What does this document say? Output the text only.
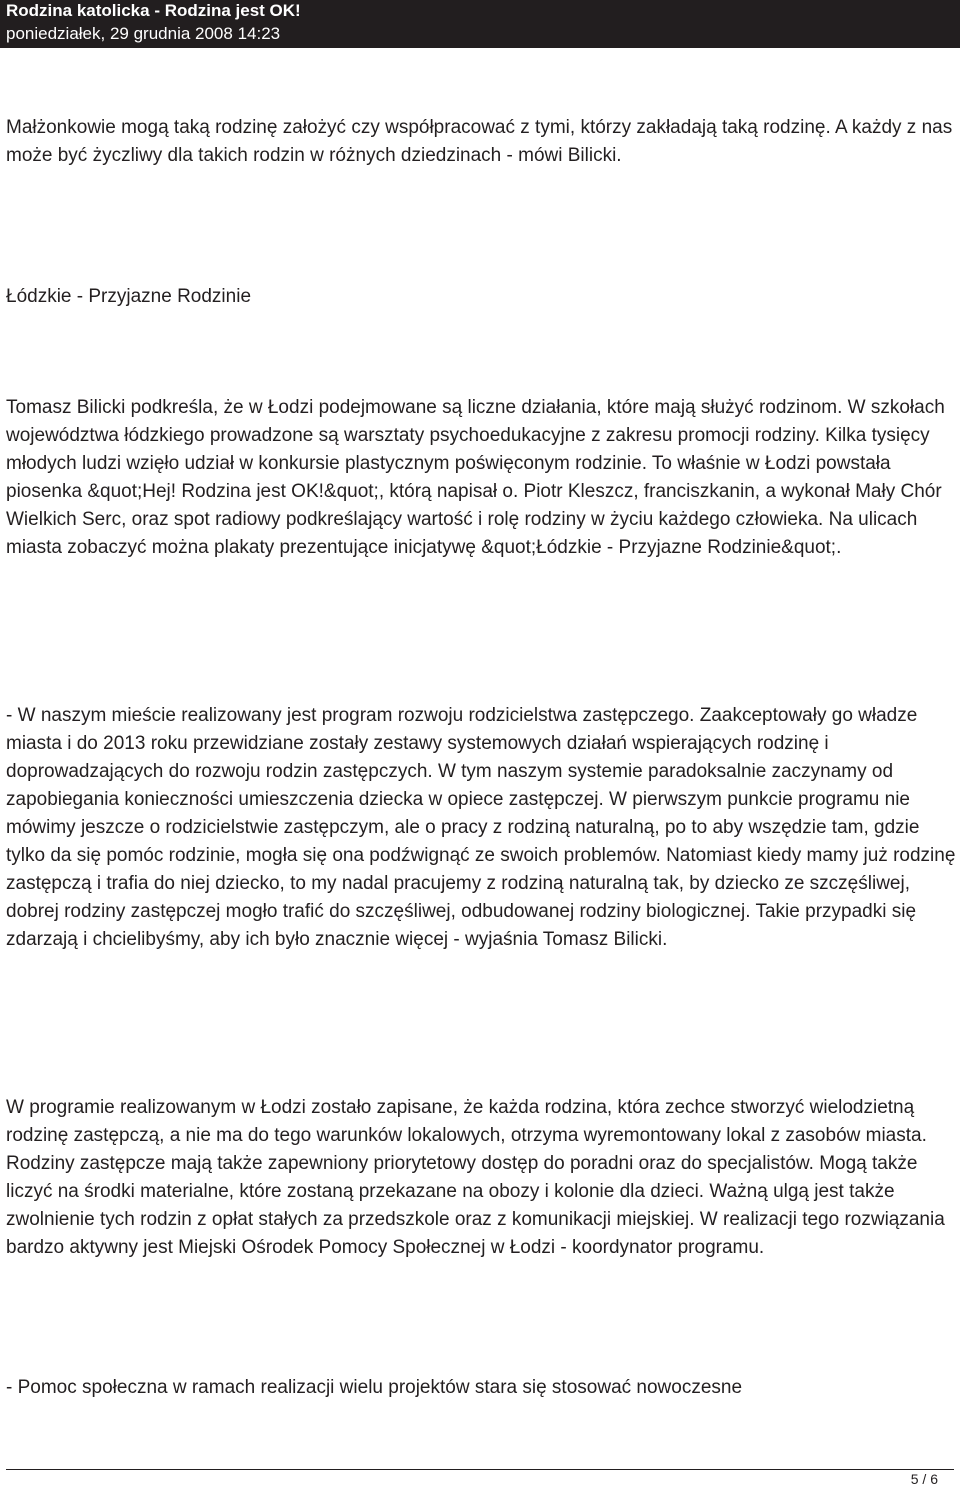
Rodzina katolicka - Rodzina jest OK!
poniedziałek, 29 grudnia 2008 14:23

Małżonkowie mogą taką rodzinę założyć czy współpracować z tymi, którzy zakładają taką rodzinę. A każdy z nas może być życzliwy dla takich rodzin w różnych dziedzinach - mówi Bilicki.

Łódzkie - Przyjazne Rodzinie

Tomasz Bilicki podkreśla, że w Łodzi podejmowane są liczne działania, które mają służyć rodzinom. W szkołach województwa łódzkiego prowadzone są warsztaty psychoedukacyjne z zakresu promocji rodziny. Kilka tysięcy młodych ludzi wzięło udział w konkursie plastycznym poświęconym rodzinie. To właśnie w Łodzi powstała piosenka &quot;Hej! Rodzina jest OK!&quot;, którą napisał o. Piotr Kleszcz, franciszkanin, a wykonał Mały Chór Wielkich Serc, oraz spot radiowy podkreślający wartość i rolę rodziny w życiu każdego człowieka. Na ulicach miasta zobaczyć można plakaty prezentujące inicjatywę &quot;Łódzkie - Przyjazne Rodzinie&quot;.

- W naszym mieście realizowany jest program rozwoju rodzicielstwa zastępczego. Zaakceptowały go władze miasta i do 2013 roku przewidziane zostały zestawy systemowych działań wspierających rodzinę i doprowadzających do rozwoju rodzin zastępczych. W tym naszym systemie paradoksalnie zaczynamy od zapobiegania konieczności umieszczenia dziecka w opiece zastępczej. W pierwszym punkcie programu nie mówimy jeszcze o rodzicielstwie zastępczym, ale o pracy z rodziną naturalną, po to aby wszędzie tam, gdzie tylko da się pomóc rodzinie, mogła się ona podźwignąć ze swoich problemów. Natomiast kiedy mamy już rodzinę zastępczą i trafia do niej dziecko, to my nadal pracujemy z rodziną naturalną tak, by dziecko ze szczęśliwej, dobrej rodziny zastępczej mogło trafić do szczęśliwej, odbudowanej rodziny biologicznej. Takie przypadki się zdarzają i chcielibyśmy, aby ich było znacznie więcej - wyjaśnia Tomasz Bilicki.

W programie realizowanym w Łodzi zostało zapisane, że każda rodzina, która zechce stworzyć wielodzietną rodzinę zastępczą, a nie ma do tego warunków lokalowych, otrzyma wyremontowany lokal z zasobów miasta. Rodziny zastępcze mają także zapewniony priorytetowy dostęp do poradni oraz do specjalistów. Mogą także liczyć na środki materialne, które zostaną przekazane na obozy i kolonie dla dzieci. Ważną ulgą jest także zwolnienie tych rodzin z opłat stałych za przedszkole oraz z komunikacji miejskiej. W realizacji tego rozwiązania bardzo aktywny jest Miejski Ośrodek Pomocy Społecznej w Łodzi - koordynator programu.

- Pomoc społeczna w ramach realizacji wielu projektów stara się stosować nowoczesne

5 / 6
